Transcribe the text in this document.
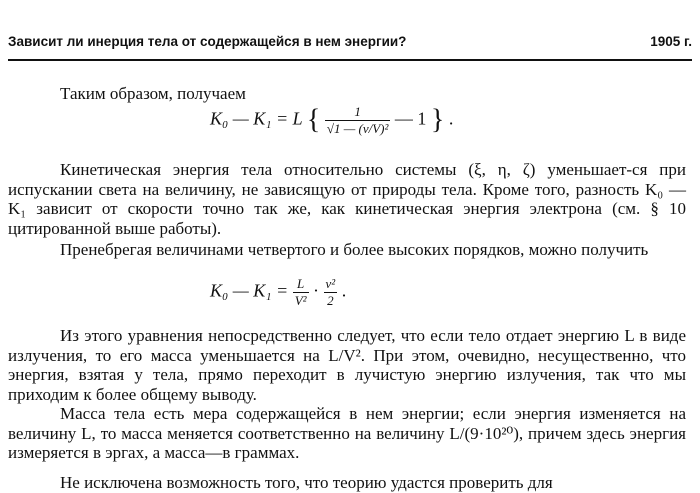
Зависит ли инерция тела от содержащейся в нем энергии?	1905 г.
Таким образом, получаем
K₀ — K₁ = L { $\frac{1}{\text{√1 — (v/V)²}}$ — 1 } .
Кинетическая энергия тела относительно системы (ξ, η, ζ) уменьшает-ся при испускании света на величину, не зависящую от природы тела. Кроме того, разность K₀ — K₁ зависит от скорости точно так же, как кинетическая энергия электрона (см. § 10 цитированной выше работы).
Пренебрегая величинами четвертого и более высоких порядков, можно получить
K₀ — $K_1 = \frac{L}{\text{V²}} \cdot \frac{\text{v²}}{2}$ .
Из этого уравнения непосредственно следует, что если тело отдает энергию L в виде излучения, то его масса уменьшается на L/V². При этом, очевидно, несущественно, что энергия, взятая у тела, прямо переходит в лучистую энергию излучения, так что мы приходим к более общему выводу.
Масса тела есть мера содержащейся в нем энергии; если энергия изменяется на величину L, то масса меняется соответственно на величину L/(9·10²⁰), причем здесь энергия измеряется в эргах, а масса—в граммах.
Не исключена возможность того, что теорию удастся проверить для
